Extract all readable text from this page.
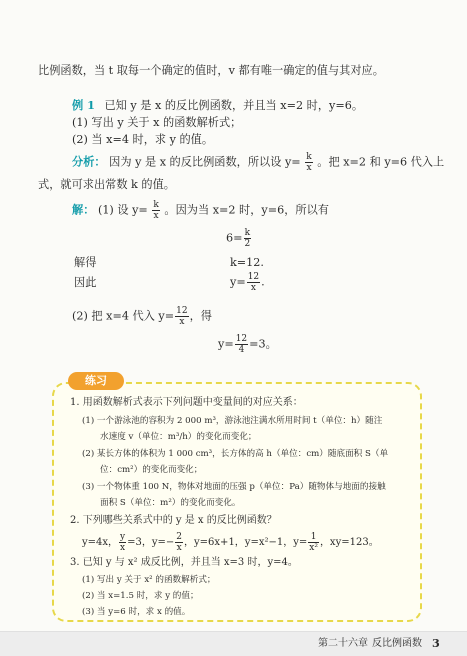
比例函数，当 t 取每一个确定的值时，v 都有唯一确定的值与其对应。
例 1 已知 y 是 x 的反比例函数，并且当 x=2 时，y=6。
(1) 写出 y 关于 x 的函数解析式；
(2) 当 x=4 时，求 y 的值。
分析： 因为 y 是 x 的反比例函数，所以设 $y= \frac{k}{x}$ 。把 x=2 和 y=6 代入上
式，就可求出常数 k 的值。
解： (1) 设 $y= \frac{k}{x}$ 。因为当 x=2 时，y=6，所以有
$6= \frac{k}{2}$
解得	k=12.
因此	$y= \frac{12}{x}$ .
(2) 把 x=4 代入 $y= \frac{12}{x}$ ，得
$y= \frac{12}{4} =3$。
练习
1. 用函数解析式表示下列问题中变量间的对应关系：
(1) 一个游泳池的容积为 2 000 m³，游泳池注满水所用时间 t（单位：h）随注
水速度 v（单位：m³/h）的变化而变化；
(2) 某长方体的体积为 1 000 cm³，长方体的高 h（单位：cm）随底面积 S（单
位：cm²）的变化而变化；
(3) 一个物体重 100 N，物体对地面的压强 p（单位：Pa）随物体与地面的接触
面积 S（单位：m²）的变化而变化。
2. 下列哪些关系式中的 y 是 x 的反比例函数？
y=4x， $\frac{y}{x} =3$，$y=- \frac{2}{x}$ ，y=6x+1，y=x²−1，$y= \frac{1}{\text{x²}}$ ，xy=123。
3. 已知 y 与 x² 成反比例，并且当 x=3 时，y=4。
(1) 写出 y 关于 x² 的函数解析式；
(2) 当 x=1.5 时，求 y 的值；
(3) 当 y=6 时，求 x 的值。
第二十六章 反比例函数 3
